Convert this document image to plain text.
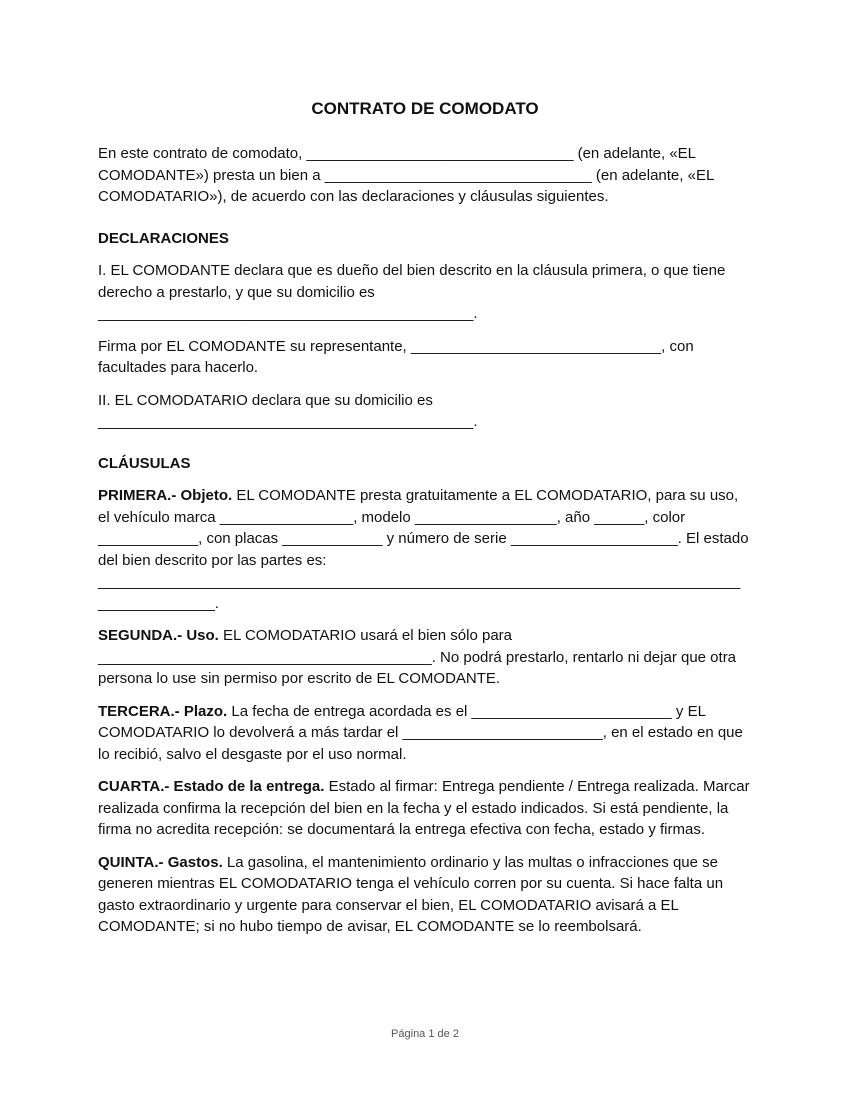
CONTRATO DE COMODATO

En este contrato de comodato, ________________________________ (en adelante, «EL COMODANTE») presta un bien a ________________________________ (en adelante, «EL COMODATARIO»), de acuerdo con las declaraciones y cláusulas siguientes.

DECLARACIONES

I. EL COMODANTE declara que es dueño del bien descrito en la cláusula primera, o que tiene derecho a prestarlo, y que su domicilio es _____________________________________________.

Firma por EL COMODANTE su representante, ______________________________, con facultades para hacerlo.

II. EL COMODATARIO declara que su domicilio es _____________________________________________.

CLÁUSULAS

PRIMERA.- Objeto. EL COMODANTE presta gratuitamente a EL COMODATARIO, para su uso, el vehículo marca ________________, modelo _________________, año ______, color ____________, con placas ____________ y número de serie ____________________. El estado del bien descrito por las partes es: _____________________________________________________________________________ ______________.

SEGUNDA.- Uso. EL COMODATARIO usará el bien sólo para ________________________________________. No podrá prestarlo, rentarlo ni dejar que otra persona lo use sin permiso por escrito de EL COMODANTE.

TERCERA.- Plazo. La fecha de entrega acordada es el ________________________ y EL COMODATARIO lo devolverá a más tardar el ________________________, en el estado en que lo recibió, salvo el desgaste por el uso normal.

CUARTA.- Estado de la entrega. Estado al firmar: Entrega pendiente / Entrega realizada. Marcar realizada confirma la recepción del bien en la fecha y el estado indicados. Si está pendiente, la firma no acredita recepción: se documentará la entrega efectiva con fecha, estado y firmas.

QUINTA.- Gastos. La gasolina, el mantenimiento ordinario y las multas o infracciones que se generen mientras EL COMODATARIO tenga el vehículo corren por su cuenta. Si hace falta un gasto extraordinario y urgente para conservar el bien, EL COMODATARIO avisará a EL COMODANTE; si no hubo tiempo de avisar, EL COMODANTE se lo reembolsará.

Página 1 de 2
